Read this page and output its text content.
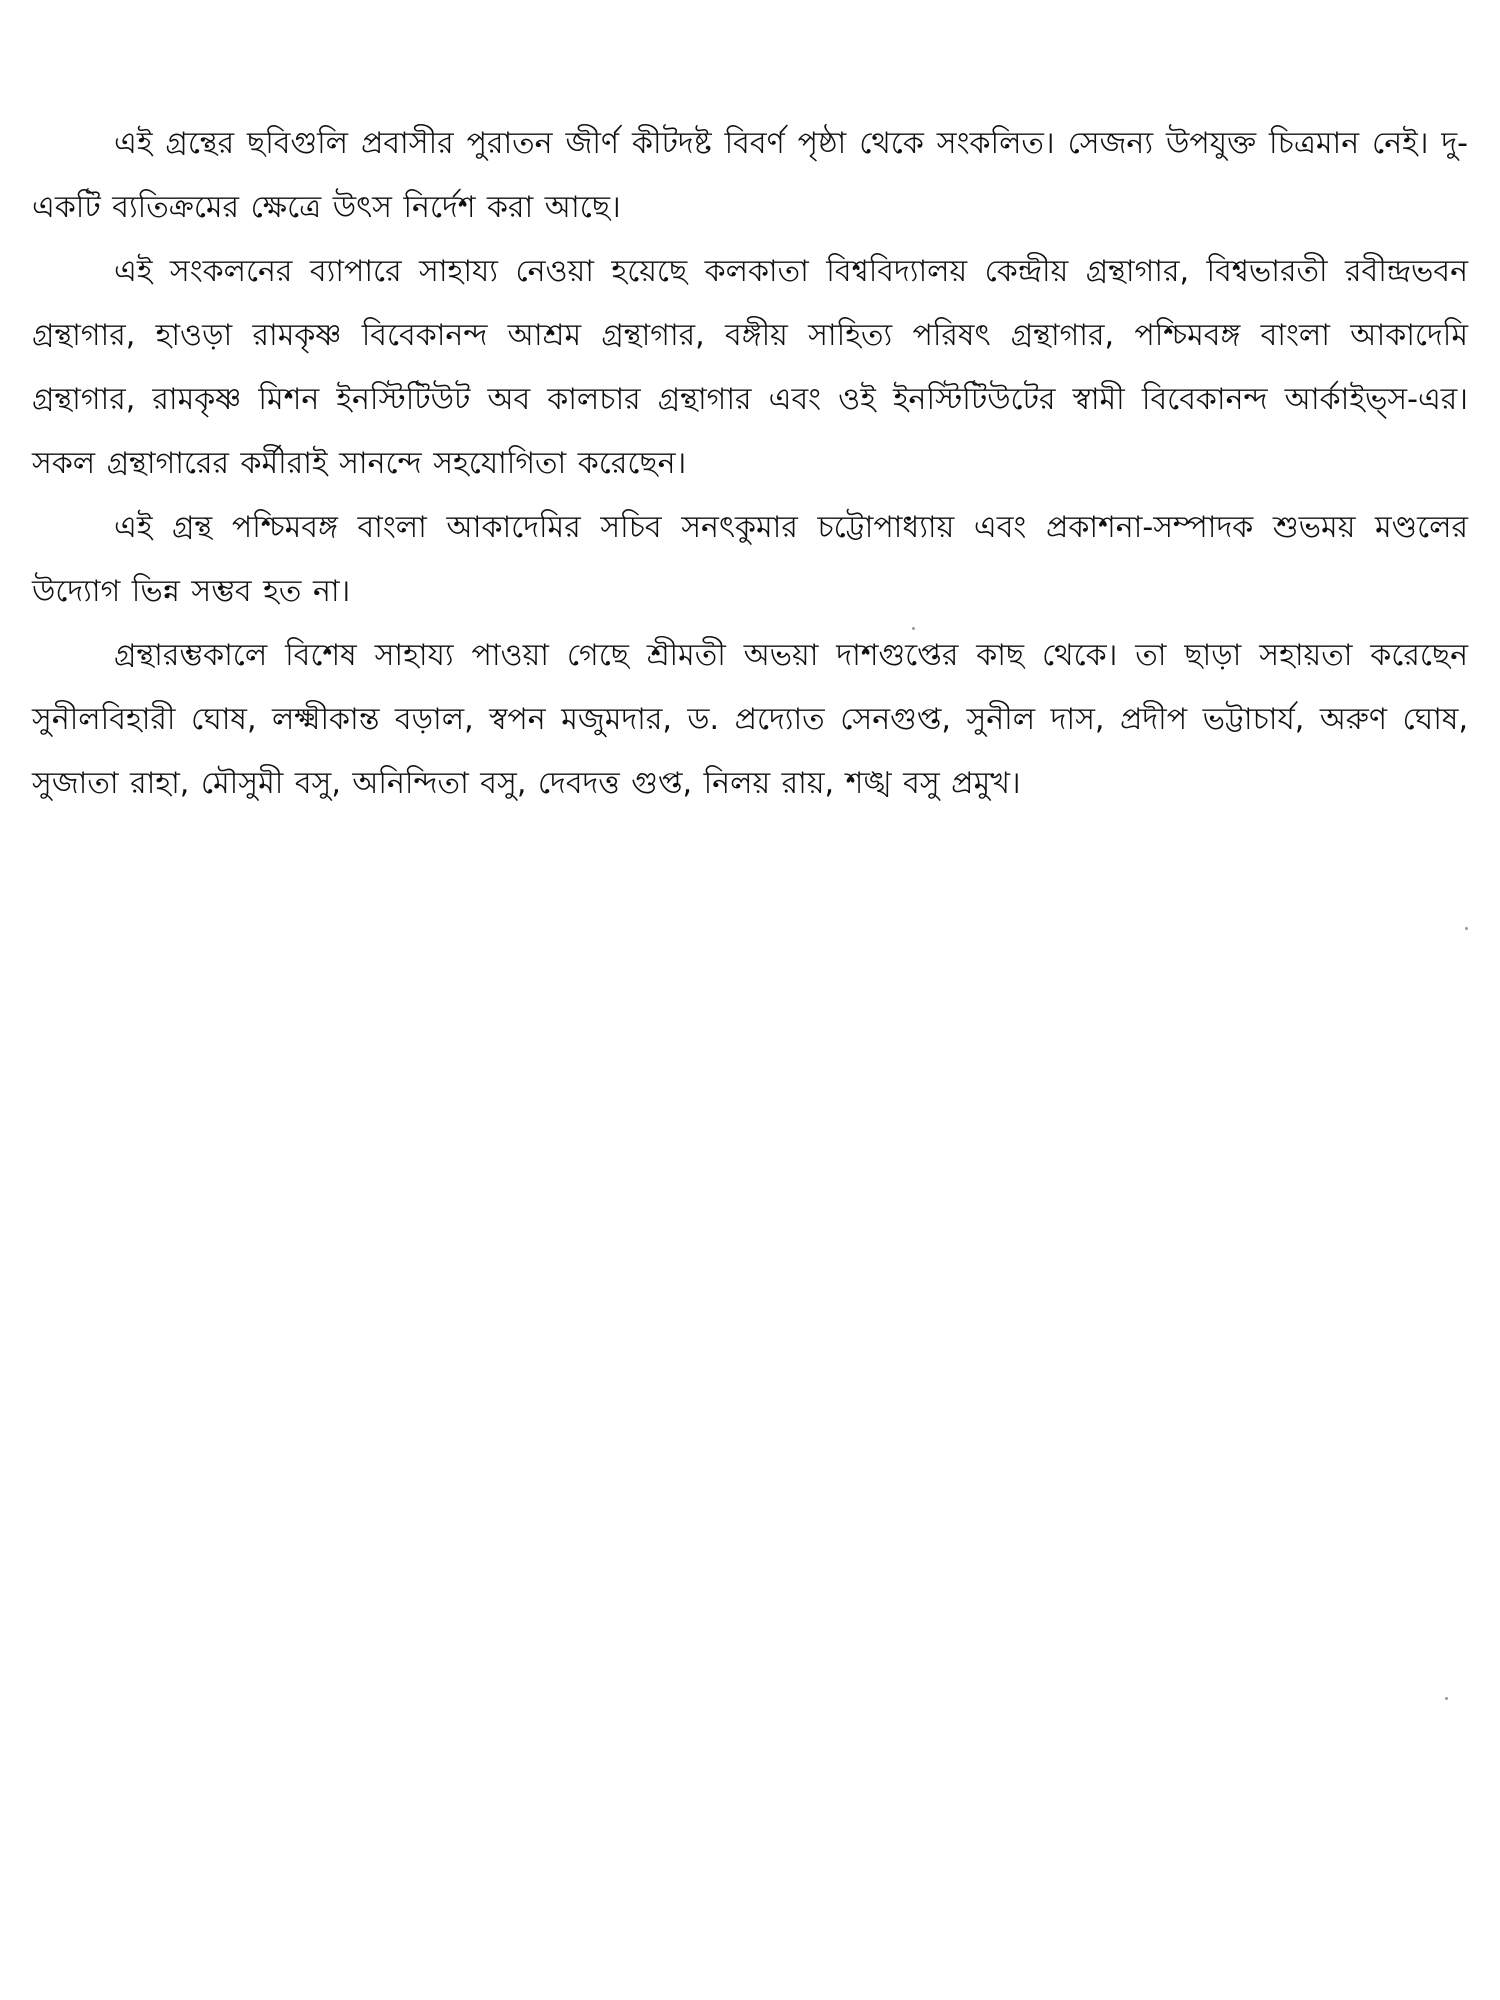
এই গ্রন্থের ছবিগুলি প্রবাসীর পুরাতন জীর্ণ কীটদষ্ট বিবর্ণ পৃষ্ঠা থেকে সংকলিত। সেজন্য উপযুক্ত চিত্রমান নেই। দু-একটি ব্যতিক্রমের ক্ষেত্রে উৎস নির্দেশ করা আছে।

এই সংকলনের ব্যাপারে সাহায্য নেওয়া হয়েছে কলকাতা বিশ্ববিদ্যালয় কেন্দ্রীয় গ্রন্থাগার, বিশ্বভারতী রবীন্দ্রভবন গ্রন্থাগার, হাওড়া রামকৃষ্ণ বিবেকানন্দ আশ্রম গ্রন্থাগার, বঙ্গীয় সাহিত্য পরিষৎ গ্রন্থাগার, পশ্চিমবঙ্গ বাংলা আকাদেমি গ্রন্থাগার, রামকৃষ্ণ মিশন ইনস্টিটিউট অব কালচার গ্রন্থাগার এবং ওই ইনস্টিটিউটের স্বামী বিবেকানন্দ আর্কাইভ্‌স-এর। সকল গ্রন্থাগারের কর্মীরাই সানন্দে সহযোগিতা করেছেন।

এই গ্রন্থ পশ্চিমবঙ্গ বাংলা আকাদেমির সচিব সনৎকুমার চট্টোপাধ্যায় এবং প্রকাশনা-সম্পাদক শুভময় মণ্ডলের উদ্যোগ ভিন্ন সম্ভব হত না।

গ্রন্থারম্ভকালে বিশেষ সাহায্য পাওয়া গেছে শ্রীমতী অভয়া দাশগুপ্তের কাছ থেকে। তা ছাড়া সহায়তা করেছেন সুনীলবিহারী ঘোষ, লক্ষ্মীকান্ত বড়াল, স্বপন মজুমদার, ড. প্রদ্যোত সেনগুপ্ত, সুনীল দাস, প্রদীপ ভট্টাচার্য, অরুণ ঘোষ, সুজাতা রাহা, মৌসুমী বসু, অনিন্দিতা বসু, দেবদত্ত গুপ্ত, নিলয় রায়, শঙ্খ বসু প্রমুখ।
